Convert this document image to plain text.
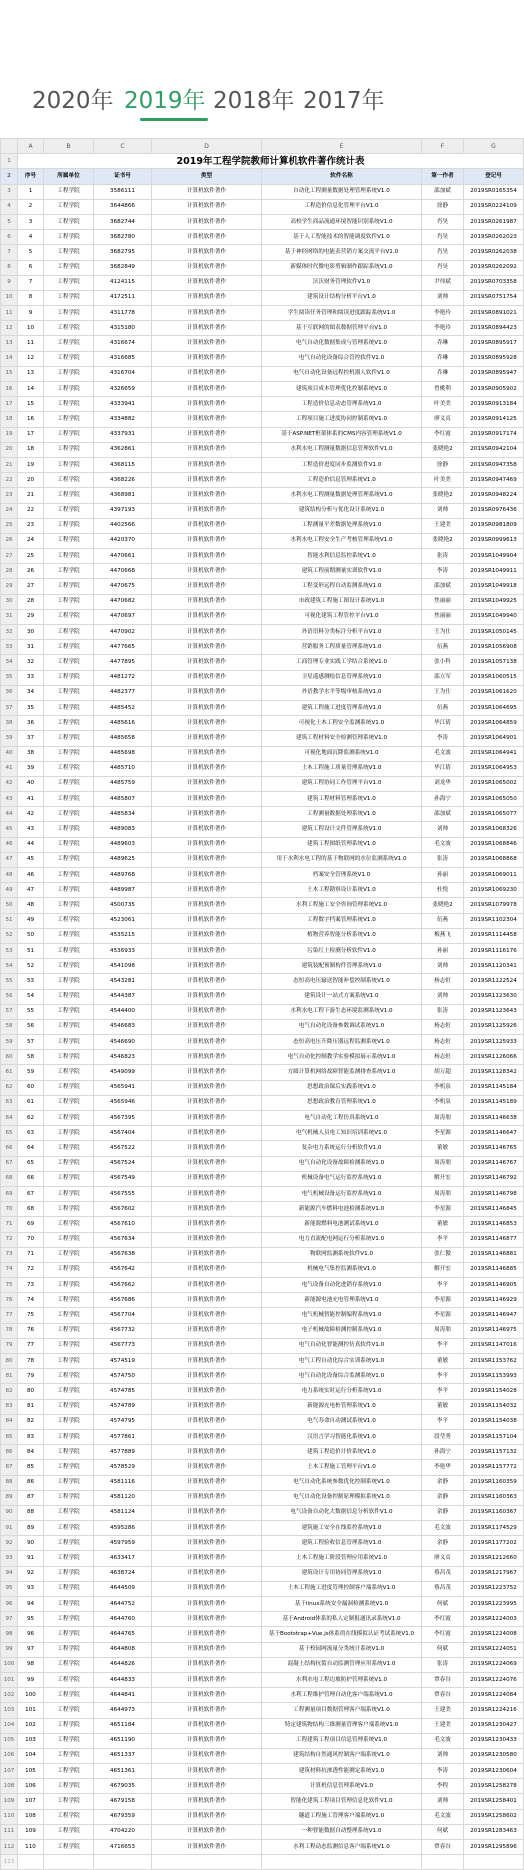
2020年 2019年 2018年 2017年
	A	B	C	D	E	F	G
1	2019年工程学院教师计算机软件著作统计表						
2	序号	所属单位	证书号	类型	软件名称	第一作者	登记号
3	1	工程学院	3586111	计算机软件著作	自动化工程测量数据处理管理系统V1.0	邵加斌	2019SR0165354
4	2	工程学院	3644866	计算机软件著作	工程造价信息化管理平台V1.0	徐静	2019SR0224109
5	3	工程学院	3682744	计算机软件著作	高校学生商品流通环境智能识别系统V1.0	肖昊	2019SR0261987
6	4	工程学院	3682780	计算机软件著作	基于人工智能技术的智能调度软件V1.0	肖昊	2019SR0262023
7	5	工程学院	3682795	计算机软件著作	基于神经网络的电能表营销方案交流平台V1.0	肖昊	2019SR0262038
8	6	工程学院	3682849	计算机软件著作	新媒体时代微电影剪辑制作跟踪系统V1.0	肖昊	2019SR0262092
9	7	工程学院	4124115	计算机软件著作	沃沃财务管理软件V1.0	尹伟斌	2019SR0703358
10	8	工程学院	4172511	计算机软件著作	建筑设计结构分析平台V1.0	刘帅	2019SR0751754
11	9	工程学院	4311778	计算机软件著作	学生阅读任务管理和阅读进度跟踪系统V1.0	李艳玲	2019SR0891021
12	10	工程学院	4315180	计算机软件著作	基于互联网的图表数据管理平台V1.0	李艳玲	2019SR0894423
13	11	工程学院	4316674	计算机软件著作	电气自动化数据集成与管理系统V1.0	乔琳	2019SR0895917
14	12	工程学院	4316685	计算机软件著作	电气自动化设备综合管控软件V1.0	乔琳	2019SR0895928
15	13	工程学院	4316704	计算机软件著作	电气自动化设备远程控机器人软件V1.0	乔琳	2019SR0895947
16	14	工程学院	4326659	计算机软件著作	建筑项目成本管理优化控制系统V1.0	曾桃利	2019SR0905902
17	15	工程学院	4333941	计算机软件著作	工程造价信息动态管理系统V1.0	叶美美	2019SR0913184
18	16	工程学院	4334882	计算机软件著作	工程项目施工进度协同控制系统V1.0	廖义贞	2019SR0914125
19	17	工程学院	4337931	计算机软件著作	基于ASP.NET框架体系的CMS内容管理系统V1.0	李红霞	2019SR0917174
20	18	工程学院	4362861	计算机软件著作	水利水电工程测量数据信息管理软件V1.0	张晓艳2	2019SR0942104
21	19	工程学院	4368115	计算机软件著作	工程造价进度同步监测软件V1.0	徐静	2019SR0947358
22	20	工程学院	4368226	计算机软件著作	工程造价信息管理系统V1.0	叶美美	2019SR0947469
23	21	工程学院	4368981	计算机软件著作	水利水电工程测量数据处理管理系统V1.0	张晓艳2	2019SR0948224
24	22	工程学院	4397193	计算机软件著作	建筑结构分析与优化设计系统V1.0	刘帅	2019SR0976436
25	23	工程学院	4402566	计算机软件著作	工程测量平差数据处理系统V1.0	王建美	2019SR0981809
26	24	工程学院	4420370	计算机软件著作	水利水电工程安全生产考核管理系统V1.0	张晓艳2	2019SR0999613
27	25	工程学院	4470661	计算机软件著作	智能水利信息监控系统V1.0	张涛	2019SR1049904
28	26	工程学院	4470668	计算机软件著作	建筑工程前期测量实训软件V1.0	李涛	2019SR1049911
29	27	工程学院	4470675	计算机软件著作	工程变形远程自动监测系统V1.0	邵加斌	2019SR1049918
30	28	工程学院	4470682	计算机软件著作	市政建筑工程施工图设计系统V1.0	焦丽丽	2019SR1049925
31	29	工程学院	4470697	计算机软件著作	可视化建筑工程管控平台V1.0	焦丽丽	2019SR1049940
32	30	工程学院	4470902	计算机软件著作	外语语料分类标注分析平台V1.0	王为仕	2019SR1050145
33	31	工程学院	4477665	计算机软件著作	营销服务工程质量管理系统V1.0	伍燕	2019SR1056908
34	32	工程学院	4477895	计算机软件著作	工商管理专业实践工学结合系统V1.0	张小科	2019SR1057138
35	33	工程学院	4481272	计算机软件著作	卫星遥感测绘信息管理系统V1.0	邵立军	2019SR1060515
36	34	工程学院	4482377	计算机软件著作	外语教学水平等级审核系统V1.0	王为仕	2019SR1061620
37	35	工程学院	4485452	计算机软件著作	建筑工程施工进度管理系统V1.0	伍燕	2019SR1064695
38	36	工程学院	4485616	计算机软件著作	可视化土木工程安全监测系统V1.0	毕江倩	2019SR1064859
39	37	工程学院	4485658	计算机软件著作	建筑工程材料安全检测管理系统V1.0	李涛	2019SR1064901
40	38	工程学院	4485698	计算机软件著作	可视化地面沉降监测系统V1.0	毛文波	2019SR1064941
41	39	工程学院	4485710	计算机软件著作	土木工程施工质量管理系统V1.0	毕江倩	2019SR1064953
42	40	工程学院	4485759	计算机软件著作	建筑工程协同工作管理平台V1.0	刘龙华	2019SR1065002
43	41	工程学院	4485807	计算机软件著作	建筑工程材料管理系统V1.0	孙海宁	2019SR1065050
44	42	工程学院	4485834	计算机软件著作	工程测量数据处理系统V1.0	邵加斌	2019SR1065077
45	43	工程学院	4489083	计算机软件著作	建筑工程设计文件管理系统V1.0	刘帅	2019SR1068326
46	44	工程学院	4489603	计算机软件著作	建筑工程图纸管理系统V1.0	毛文波	2019SR1068846
47	45	工程学院	4489625	计算机软件著作	用于水利水电工程的基于物联网的水位监测系统V1.0	张涛	2019SR1068868
48	46	工程学院	4489768	计算机软件著作	档案安全管理系统V1.0	孙丽	2019SR1069011
49	47	工程学院	4489987	计算机软件著作	土木工程勘察设计系统V1.0	杜悦	2019SR1069230
50	48	工程学院	4500735	计算机软件著作	水利工程施工安全咨询管理系统V1.0	张晓艳2	2019SR1079978
51	49	工程学院	4523061	计算机软件著作	工程数字档案管理系统V1.0	伍燕	2019SR1102304
52	50	工程学院	4535215	计算机软件著作	植物营养智能分析系统V1.0	梅燕飞	2019SR1114458
53	51	工程学院	4536933	计算机软件著作	污染红土检测分析软件V1.0	孙丽	2019SR1116176
54	52	工程学院	4541098	计算机软件著作	建筑装配预制构件管理系统V1.0	刘帅	2019SR1120341
55	53	工程学院	4543281	计算机软件著作	态恒高电压输送智能补偿控制系统V1.0	杨志恒	2019SR1122524
56	54	工程学院	4544387	计算机软件著作	建筑设计一站式方案系统V1.0	刘帅	2019SR1123630
57	55	工程学院	4544400	计算机软件著作	水利水电工程下游生态环境监测系统V1.0	张涛	2019SR1123643
58	56	工程学院	4546683	计算机软件著作	电气自动化设备参数调试系统V1.0	杨志恒	2019SR1125926
59	57	工程学院	4546690	计算机软件著作	态恒高电压升降压器远程监测系统V1.0	杨志恒	2019SR1125933
60	58	工程学院	4546823	计算机软件著作	电气自动化控制教学实验模拟展示系统V1.0	杨志恒	2019SR1126066
61	59	工程学院	4549099	计算机软件著作	方圆计算机网络故障智能监测排查系统V1.0	胡万超	2019SR1128342
62	60	工程学院	4565941	计算机软件著作	思想政治课后实践系统V1.0	李机泉	2019SR1145184
63	61	工程学院	4565946	计算机软件著作	思想政治教育管理系统V1.0	李机泉	2019SR1145189
64	62	工程学院	4567395	计算机软件著作	电气自动化工程仿真系统V1.0	周涛朋	2019SR1146638
65	63	工程学院	4567404	计算机软件著作	电气机械人员电工知识培训系统V1.0	李星源	2019SR1146647
66	64	工程学院	4567522	计算机软件著作	复杂电力系统运行分析软件V1.0	董敏	2019SR1146765
67	65	工程学院	4567524	计算机软件著作	电气自动化设备故障检测系统V1.0	周涛朋	2019SR1146767
68	66	工程学院	4567549	计算机软件著作	机械设备电气运行监控系统V1.0	解开宏	2019SR1146792
69	67	工程学院	4567555	计算机软件著作	电气机械设备运行监控系统V1.0	周涛朋	2019SR1146798
70	68	工程学院	4567602	计算机软件著作	新能源汽车燃料电池检测系统V1.0	李星源	2019SR1146845
71	69	工程学院	4567610	计算机软件著作	新能源燃料电池测试系统V1.0	董敏	2019SR1146853
72	70	工程学院	4567634	计算机软件著作	电力直流配电网运行分析系统V1.0	李平	2019SR1146877
73	71	工程学院	4567638	计算机软件著作	物联网监测系统软件V1.0	张仁傲	2019SR1146881
74	72	工程学院	4567642	计算机软件著作	机械电气集控监测系统V1.0	解开宏	2019SR1146885
75	73	工程学院	4567662	计算机软件著作	电气设备自动化进销存系统V1.0	李平	2019SR1146905
76	74	工程学院	4567686	计算机软件著作	新能源电池充电管理系统V1.0	李星源	2019SR1146929
77	75	工程学院	4567704	计算机软件著作	电气机械智能控制编程系统V1.0	李星源	2019SR1146947
78	76	工程学院	4567732	计算机软件著作	电子机械故障检测控制系统V1.0	周涛朋	2019SR1146975
79	77	工程学院	4567773	计算机软件著作	电气自动化智能测控仿真软件V1.0	李平	2019SR1147016
80	78	工程学院	4574519	计算机软件著作	电气工程自动化综合实训系统V1.0	董敏	2019SR1153762
81	79	工程学院	4574750	计算机软件著作	电气自动化设备综合监测系统V1.0	李平	2019SR1153993
82	80	工程学院	4574785	计算机软件著作	电力系统实时运行分析系统V1.0	李平	2019SR1154028
83	81	工程学院	4574789	计算机软件著作	新能源充电桩管理系统V1.0	董敏	2019SR1154032
84	82	工程学院	4574795	计算机软件著作	电气寿命自动测试系统V1.0	李平	2019SR1154038
85	83	工程学院	4577861	计算机软件著作	汉语言学习智能化系统V1.0	段莹秀	2019SR1157104
86	84	工程学院	4577889	计算机软件著作	建筑工程造价计价系统V1.0	孙海宁	2019SR1157132
87	85	工程学院	4578529	计算机软件著作	土木工程施工管理平台V1.0	李艳华	2019SR1157772
88	86	工程学院	4581116	计算机软件著作	电气自动化系统参数优化控制系统V1.0	余静	2019SR1160359
89	87	工程学院	4581120	计算机软件著作	电气自动化设备控制原理模拟系统V1.0	余静	2019SR1160363
90	88	工程学院	4581124	计算机软件著作	电气设备自动化大数据信息分析软件V1.0	余静	2019SR1160367
91	89	工程学院	4595286	计算机软件著作	建筑施工安全在线监控系统V1.0	毛文波	2019SR1174529
92	90	工程学院	4597959	计算机软件著作	建筑工程验收信息管理系统V1.0	余静	2019SR1177202
93	91	工程学院	4633417	计算机软件著作	土木工程施工阶段管理应用系统V1.0	廖义贞	2019SR1212660
94	92	工程学院	4638724	计算机软件著作	建筑设计专用协同管理系统V1.0	蔡昌茂	2019SR1217967
95	93	工程学院	4644509	计算机软件著作	土木工程施工进度管理控制客户端系统V1.0	蔡昌茂	2019SR1223752
96	94	工程学院	4644752	计算机软件著作	基于linux系统安全漏洞检测系统V1.0	何斌	2019SR1223995
97	95	工程学院	4644760	计算机软件著作	基于Android体系的私人定制报通讯录系统V1.0	李红霞	2019SR1224003
98	96	工程学院	4644765	计算机软件著作	基于Bootstrap+Vue.js体系的在线模拟认证考试系统V1.0	李红霞	2019SR1224008
99	97	工程学院	4644808	计算机软件著作	基于校园网流量分类统计系统V1.0	何斌	2019SR1224051
100	98	工程学院	4644826	计算机软件著作	混凝土结构抗裂自动监测管理应用系统V1.0	张涛	2019SR1224069
101	99	工程学院	4644833	计算机软件著作	水利水电工程边坡防护管理系统V1.0	覃春谷	2019SR1224076
102	100	工程学院	4644841	计算机软件著作	水利工程维护管理自动化客户端系统V1.0	覃春谷	2019SR1224084
103	101	工程学院	4644973	计算机软件著作	工程测量项目数据管理客户端系统V1.0	王建美	2019SR1224216
104	102	工程学院	4651184	计算机软件著作	特定建筑物结构三维测量管理客户端系统V1.0	王建美	2019SR1230427
105	103	工程学院	4651190	计算机软件著作	工程建筑工程项目信息管理系统V1.0	毛文波	2019SR1230433
106	104	工程学院	4651337	计算机软件著作	建筑结构自然通风控制客户端系统V1.0	刘帅	2019SR1230580
107	105	工程学院	4651361	计算机软件著作	建筑材料抗渗透性能测定系统V1.0	李涛	2019SR1230604
108	106	工程学院	4679035	计算机软件著作	计算机信息管理系统V1.0	李程	2019SR1258278
109	107	工程学院	4679158	计算机软件著作	智能化建筑工程项目管理信息化软件V1.0	刘帅	2019SR1258401
110	108	工程学院	4679359	计算机软件著作	隧道工程施工管理客户端系统V1.0	毛文波	2019SR1258602
111	109	工程学院	4704220	计算机软件著作	一种智能数据自动整理系统V1.0	何斌	2019SR1283463
112	110	工程学院	4716653	计算机软件著作	水利工程动态监测信息客户端系统V1.0	覃春谷	2019SR1295896
113							
